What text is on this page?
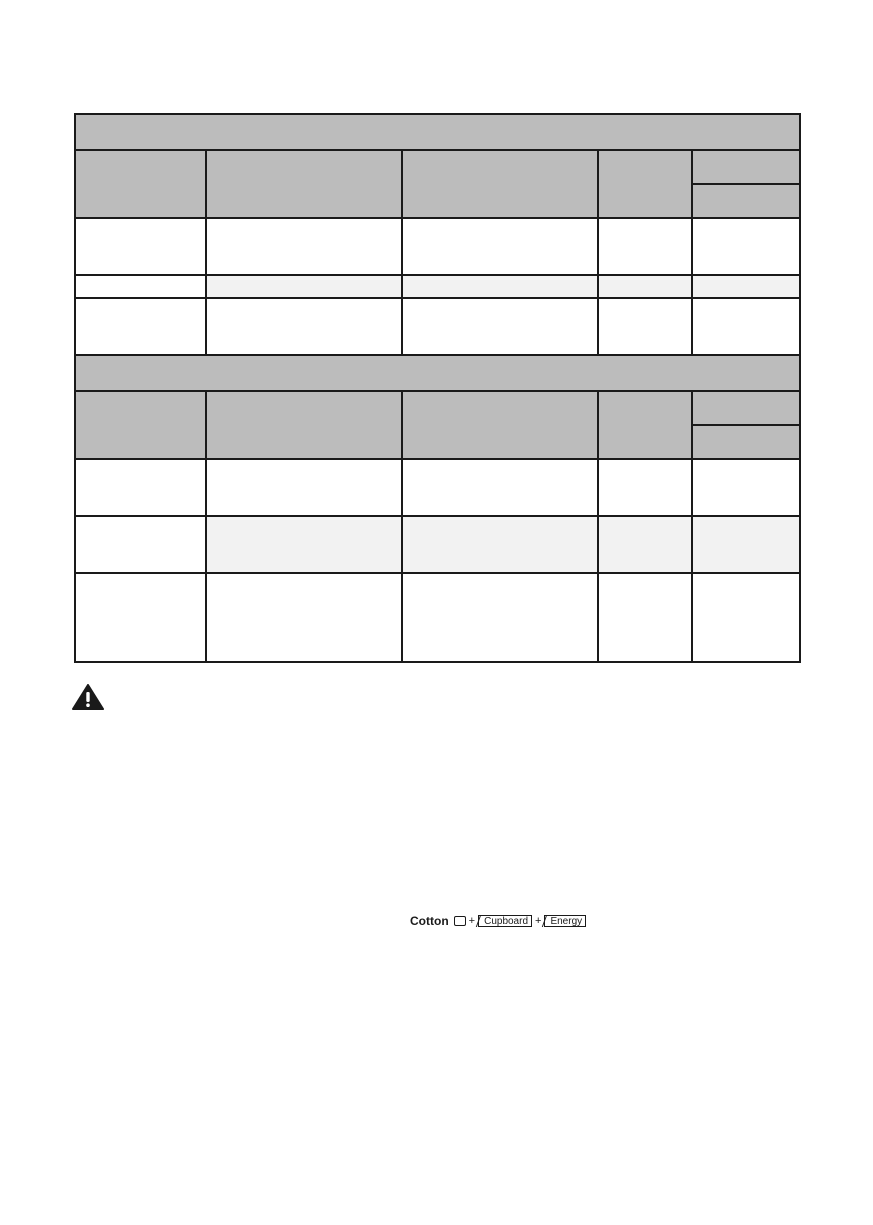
Cotton + Cupboard + Energy
